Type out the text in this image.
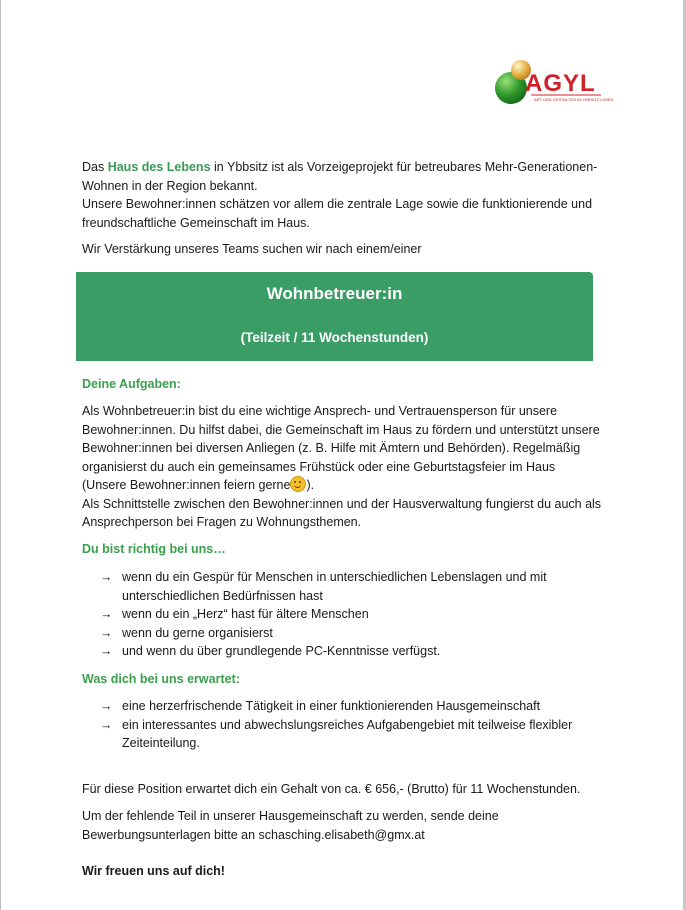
AGYL
ART UND GESTALTEN IM YBBSITZ LEBEN
Das Haus des Lebens in Ybbsitz ist als Vorzeigeprojekt für betreubares Mehr-Generationen-Wohnen in der Region bekannt.
Unsere Bewohner:innen schätzen vor allem die zentrale Lage sowie die funktionierende und freundschaftliche Gemeinschaft im Haus.
Wir Verstärkung unseres Teams suchen wir nach einem/einer
Wohnbetreuer:in
(Teilzeit / 11 Wochenstunden)
Deine Aufgaben:
Als Wohnbetreuer:in bist du eine wichtige Ansprech- und Vertrauensperson für unsere Bewohner:innen. Du hilfst dabei, die Gemeinschaft im Haus zu fördern und unterstützt unsere Bewohner:innen bei diversen Anliegen (z. B. Hilfe mit Ämtern und Behörden). Regelmäßig organisierst du auch ein gemeinsames Frühstück oder eine Geburtstagsfeier im Haus (Unsere Bewohner:innen feiern gerne ).
Als Schnittstelle zwischen den Bewohner:innen und der Hausverwaltung fungierst du auch als Ansprechperson bei Fragen zu Wohnungsthemen.
Du bist richtig bei uns…
→ wenn du ein Gespür für Menschen in unterschiedlichen Lebenslagen und mit unterschiedlichen Bedürfnissen hast
→ wenn du ein „Herz“ hast für ältere Menschen
→ wenn du gerne organisierst
→ und wenn du über grundlegende PC-Kenntnisse verfügst.
Was dich bei uns erwartet:
→ eine herzerfrischende Tätigkeit in einer funktionierenden Hausgemeinschaft
→ ein interessantes und abwechslungsreiches Aufgabengebiet mit teilweise flexibler Zeiteinteilung.
Für diese Position erwartet dich ein Gehalt von ca. € 656,- (Brutto) für 11 Wochenstunden.
Um der fehlende Teil in unserer Hausgemeinschaft zu werden, sende deine Bewerbungsunterlagen bitte an schasching.elisabeth@gmx.at
Wir freuen uns auf dich!
